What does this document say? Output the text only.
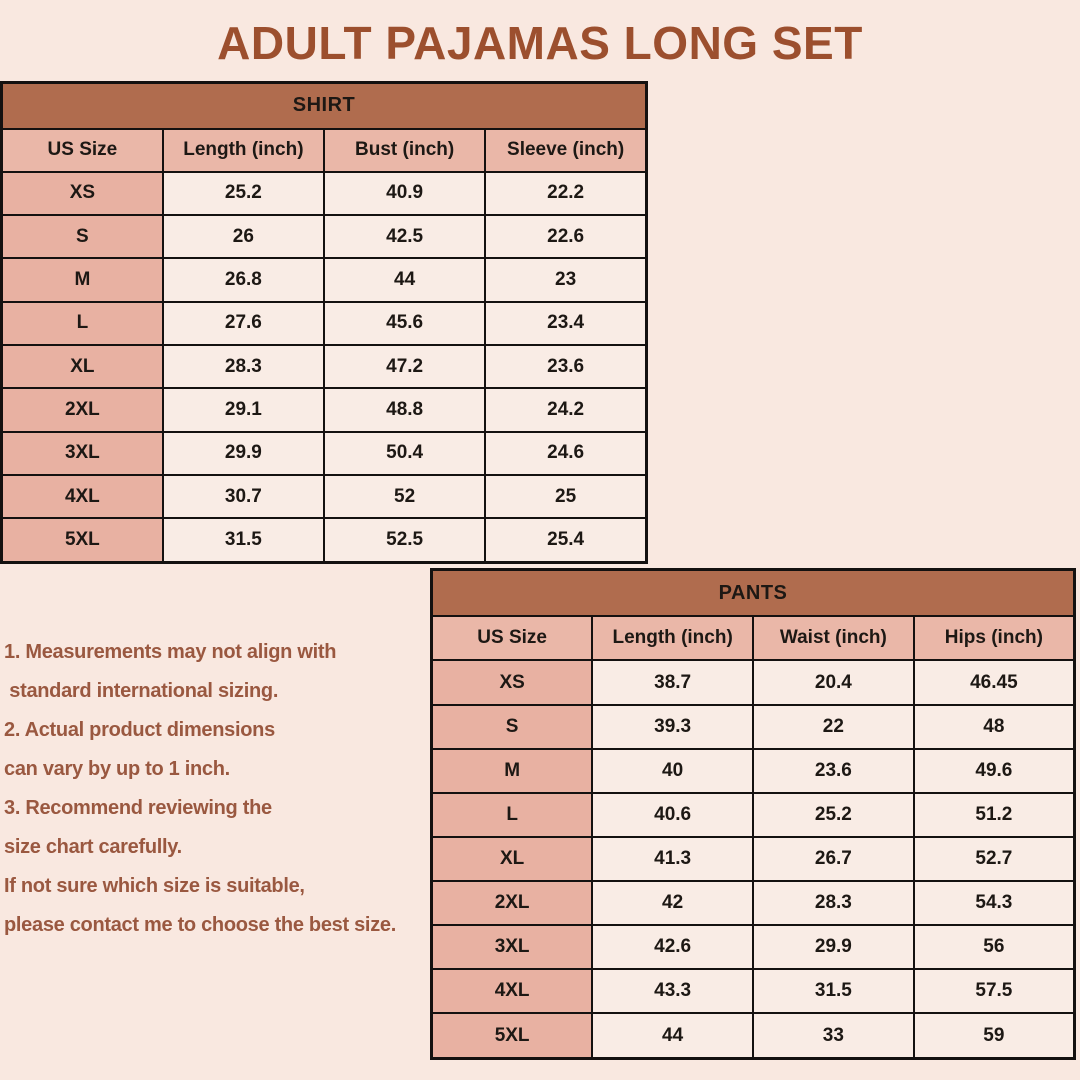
ADULT PAJAMAS LONG SET
SHIRT			
US Size	Length (inch)	Bust (inch)	Sleeve (inch)
XS	25.2	40.9	22.2
S	26	42.5	22.6
M	26.8	44	23
L	27.6	45.6	23.4
XL	28.3	47.2	23.6
2XL	29.1	48.8	24.2
3XL	29.9	50.4	24.6
4XL	30.7	52	25
5XL	31.5	52.5	25.4
PANTS			
US Size	Length (inch)	Waist (inch)	Hips (inch)
XS	38.7	20.4	46.45
S	39.3	22	48
M	40	23.6	49.6
L	40.6	25.2	51.2
XL	41.3	26.7	52.7
2XL	42	28.3	54.3
3XL	42.6	29.9	56
4XL	43.3	31.5	57.5
5XL	44	33	59
1. Measurements may not align with
standard international sizing.
2. Actual product dimensions
can vary by up to 1 inch.
3. Recommend reviewing the
size chart carefully.
If not sure which size is suitable,
please contact me to choose the best size.
